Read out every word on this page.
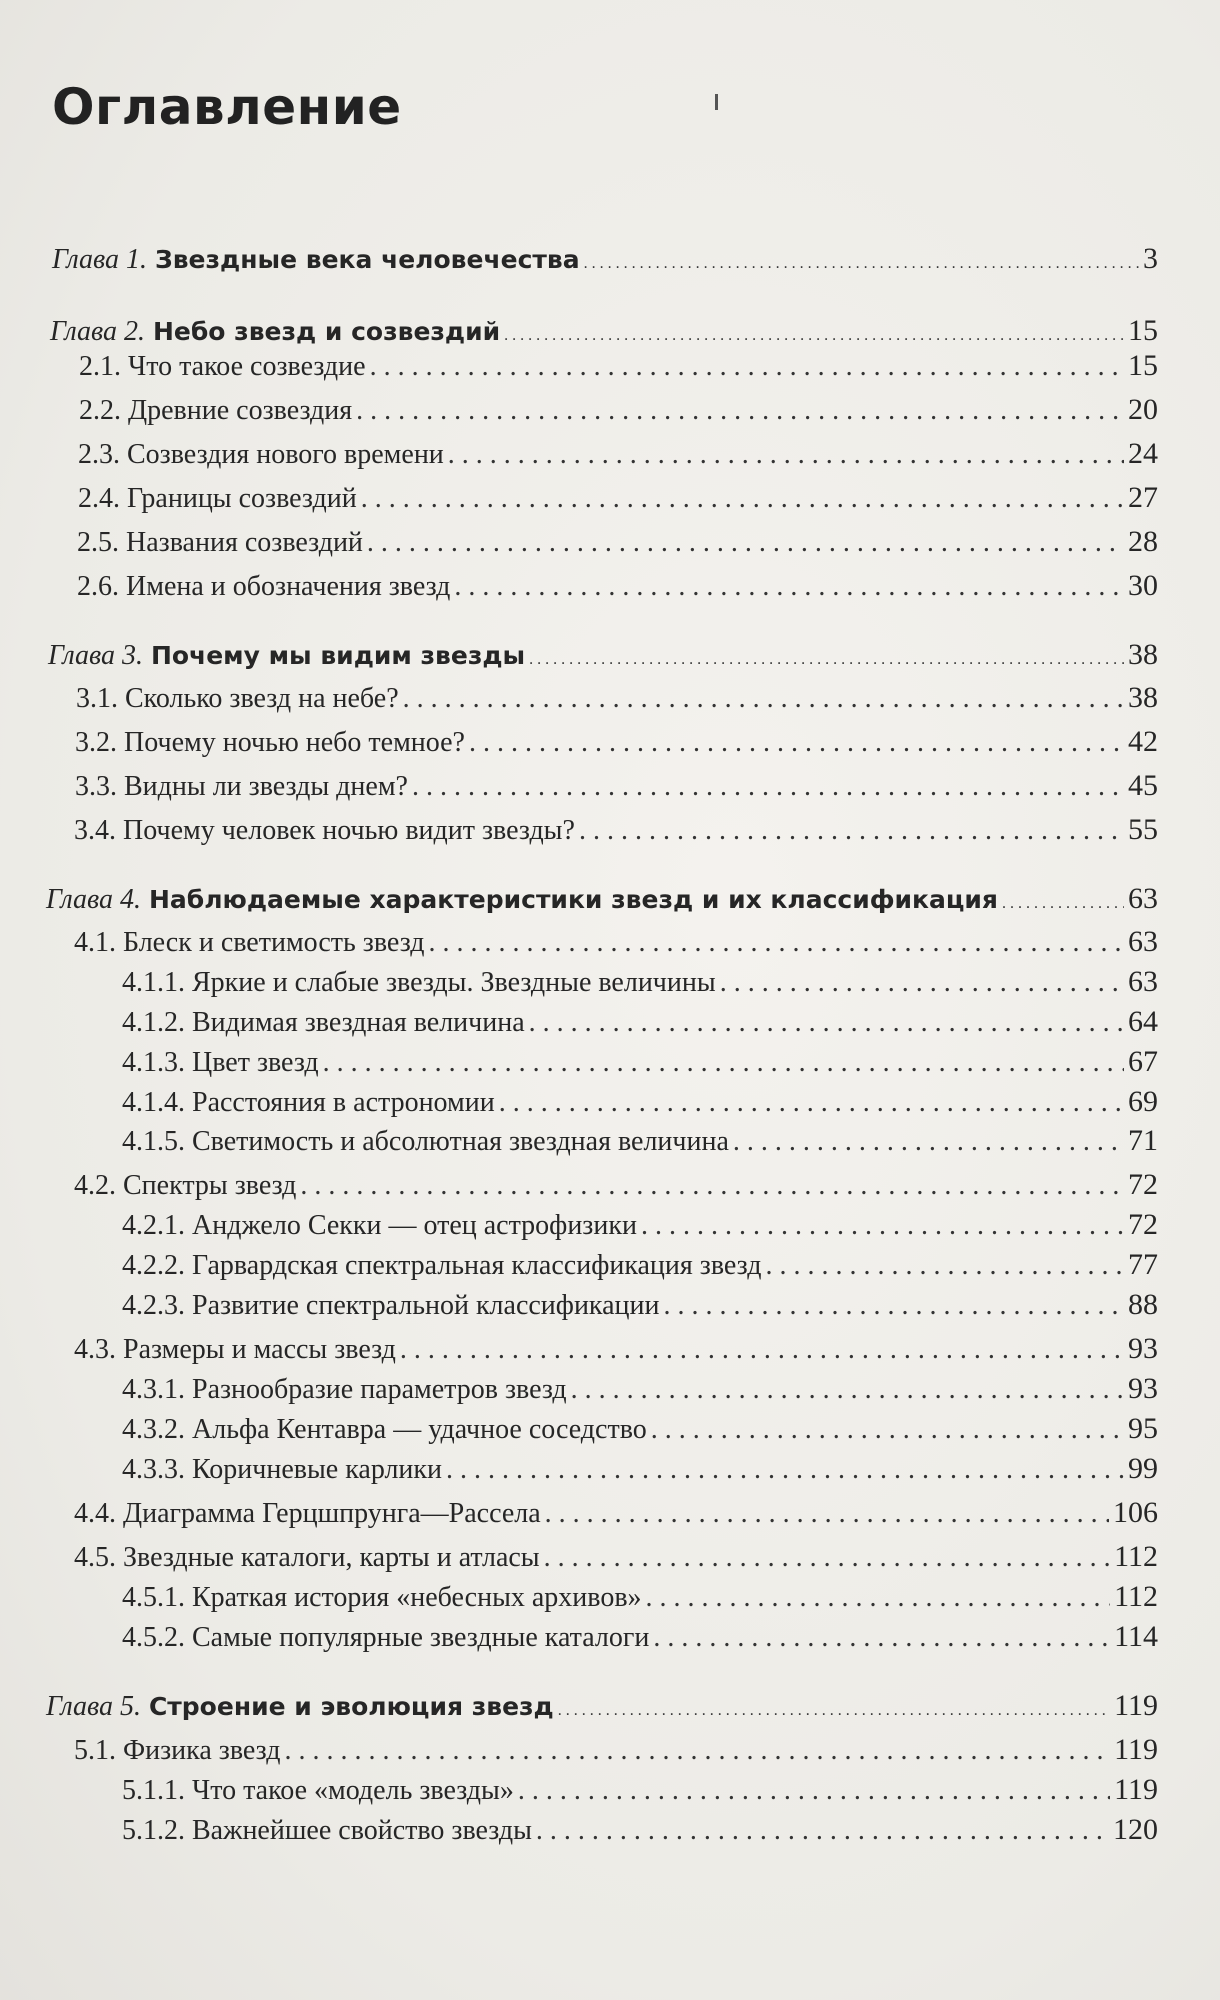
Оглавление
Глава 1. Звездные века человечества . . .	3
Глава 2. Небо звезд и созвездий . . .	15
2.1. Что такое созвездие . . .	15
2.2. Древние созвездия . . .	20
2.3. Созвездия нового времени . . .	24
2.4. Границы созвездий . . .	27
2.5. Названия созвездий . . .	28
2.6. Имена и обозначения звезд . . .	30
Глава 3. Почему мы видим звезды . . .	38
3.1. Сколько звезд на небе? . . .	38
3.2. Почему ночью небо темное? . . .	42
3.3. Видны ли звезды днем? . . .	45
3.4. Почему человек ночью видит звезды? . . .	55
Глава 4. Наблюдаемые характеристики звезд и их классификация . . .	63
4.1. Блеск и светимость звезд . . .	63
4.1.1. Яркие и слабые звезды. Звездные величины . . .	63
4.1.2. Видимая звездная величина . . .	64
4.1.3. Цвет звезд . . .	67
4.1.4. Расстояния в астрономии . . .	69
4.1.5. Светимость и абсолютная звездная величина . . .	71
4.2. Спектры звезд . . .	72
4.2.1. Анджело Секки — отец астрофизики . . .	72
4.2.2. Гарвардская спектральная классификация звезд . . .	77
4.2.3. Развитие спектральной классификации . . .	88
4.3. Размеры и массы звезд . . .	93
4.3.1. Разнообразие параметров звезд . . .	93
4.3.2. Альфа Кентавра — удачное соседство . . .	95
4.3.3. Коричневые карлики . . .	99
4.4. Диаграмма Герцшпрунга—Рассела . . .	106
4.5. Звездные каталоги, карты и атласы . . .	112
4.5.1. Краткая история «небесных архивов» . . .	112
4.5.2. Самые популярные звездные каталоги . . .	114
Глава 5. Строение и эволюция звезд . . .	119
5.1. Физика звезд . . .	119
5.1.1. Что такое «модель звезды» . . .	119
5.1.2. Важнейшее свойство звезды . . .	120
